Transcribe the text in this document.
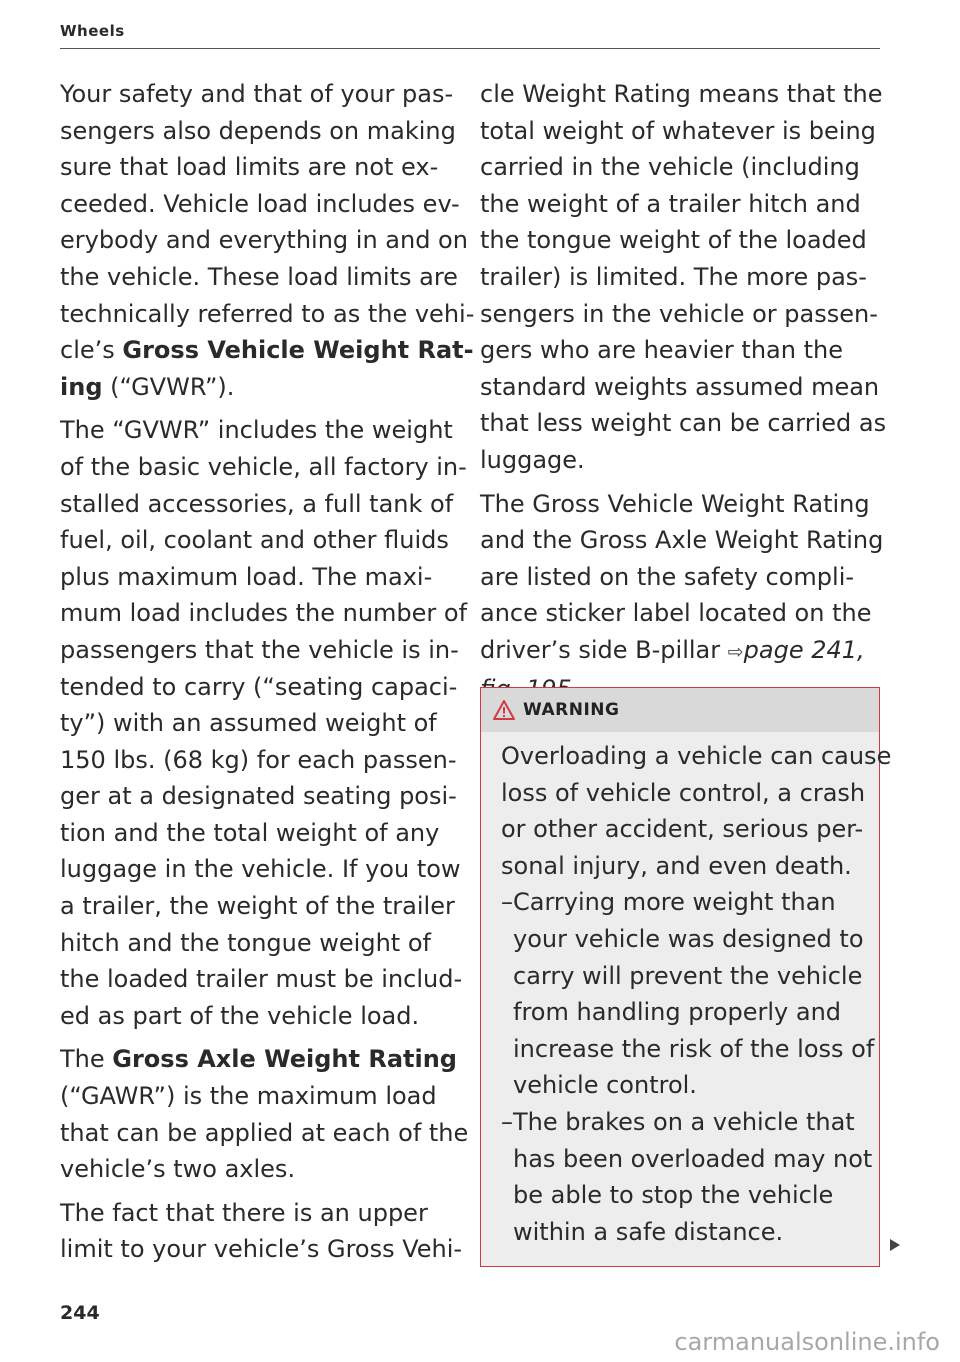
Wheels

Your safety and that of your pas-
sengers also depends on making
sure that load limits are not ex-
ceeded. Vehicle load includes ev-
erybody and everything in and on
the vehicle. These load limits are
technically referred to as the vehi-
cle’s Gross Vehicle Weight Rat-
ing (“GVWR”).

The “GVWR” includes the weight
of the basic vehicle, all factory in-
stalled accessories, a full tank of
fuel, oil, coolant and other fluids
plus maximum load. The maxi-
mum load includes the number of
passengers that the vehicle is in-
tended to carry (“seating capaci-
ty”) with an assumed weight of
150 lbs. (68 kg) for each passen-
ger at a designated seating posi-
tion and the total weight of any
luggage in the vehicle. If you tow
a trailer, the weight of the trailer
hitch and the tongue weight of
the loaded trailer must be includ-
ed as part of the vehicle load.

The Gross Axle Weight Rating
(“GAWR”) is the maximum load
that can be applied at each of the
vehicle’s two axles.

The fact that there is an upper
limit to your vehicle’s Gross Vehi-

cle Weight Rating means that the
total weight of whatever is being
carried in the vehicle (including
the weight of a trailer hitch and
the tongue weight of the loaded
trailer) is limited. The more pas-
sengers in the vehicle or passen-
gers who are heavier than the
standard weights assumed mean
that less weight can be carried as
luggage.

The Gross Vehicle Weight Rating
and the Gross Axle Weight Rating
are listed on the safety compli-
ance sticker label located on the
driver’s side B-pillar ⇨page 241,

WARNING

Overloading a vehicle can cause
loss of vehicle control, a crash
or other accident, serious per-
sonal injury, and even death.

– Carrying more weight than
your vehicle was designed to
carry will prevent the vehicle
from handling properly and
increase the risk of the loss of
vehicle control.

– The brakes on a vehicle that
has been overloaded may not
be able to stop the vehicle
within a safe distance.

244
carmanualsonline.info
